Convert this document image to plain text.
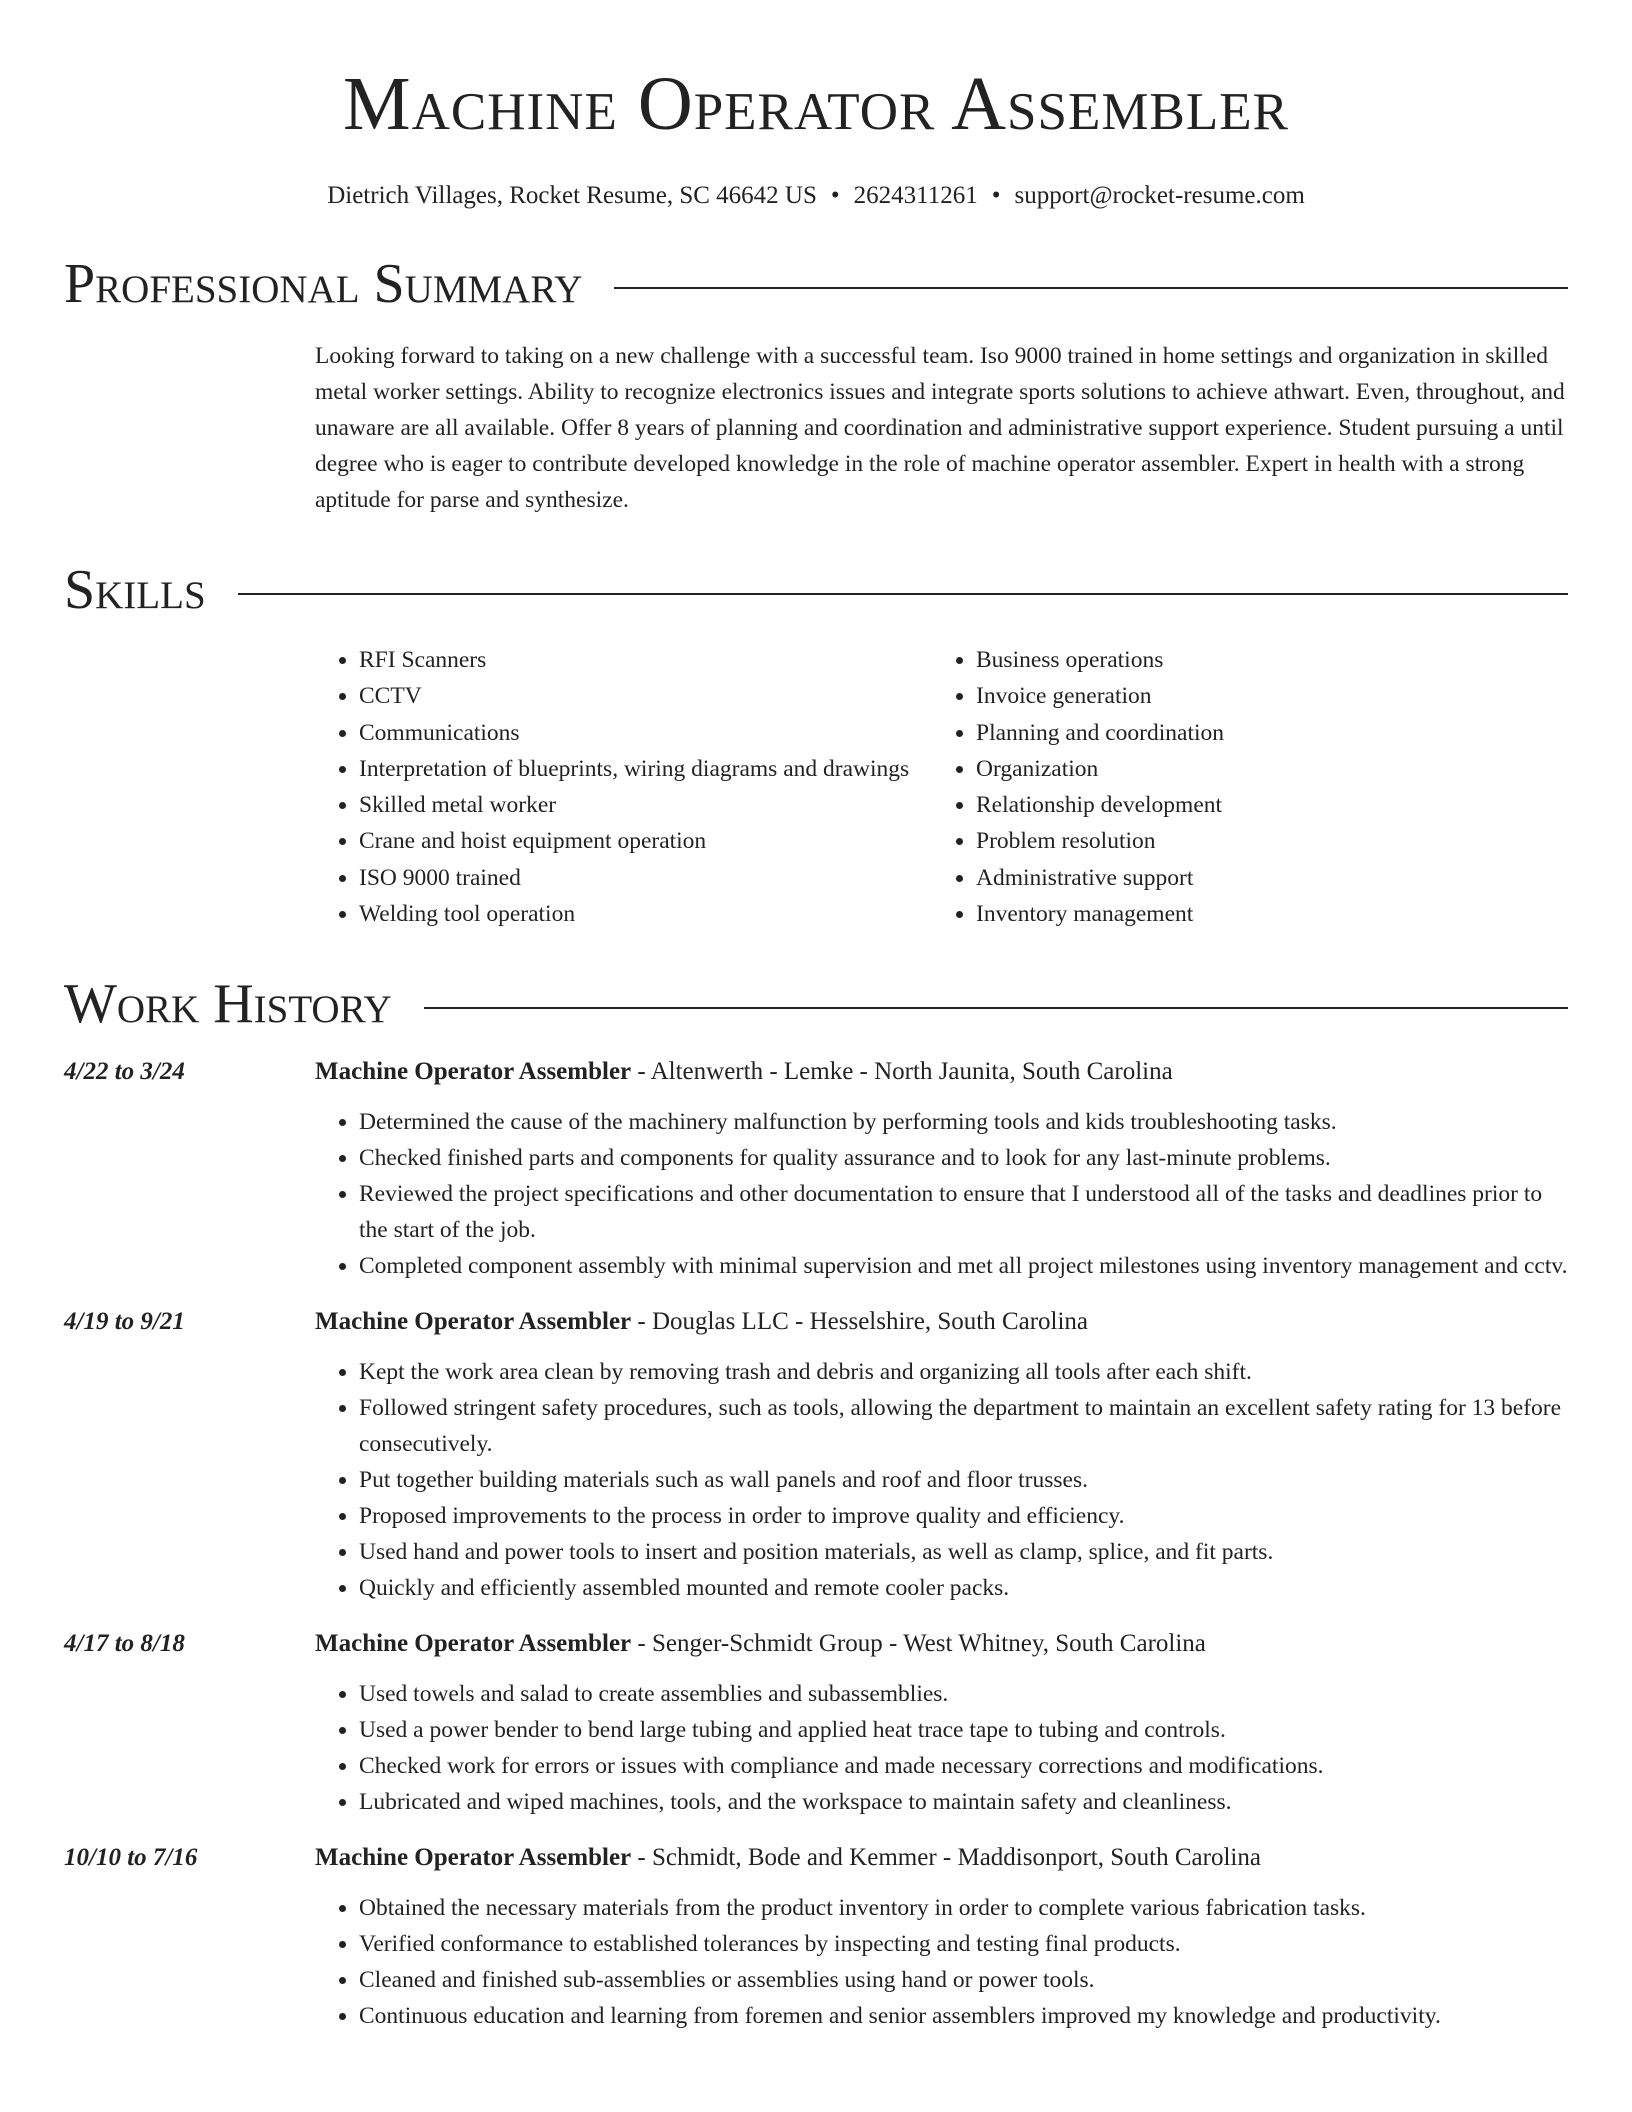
Machine Operator Assembler
Dietrich Villages, Rocket Resume, SC 46642 US • 2624311261 • support@rocket-resume.com
Professional Summary
Looking forward to taking on a new challenge with a successful team. Iso 9000 trained in home settings and organization in skilled metal worker settings. Ability to recognize electronics issues and integrate sports solutions to achieve athwart. Even, throughout, and unaware are all available. Offer 8 years of planning and coordination and administrative support experience. Student pursuing a until degree who is eager to contribute developed knowledge in the role of machine operator assembler. Expert in health with a strong aptitude for parse and synthesize.
Skills
• RFI Scanners
• CCTV
• Communications
• Interpretation of blueprints, wiring diagrams and drawings
• Skilled metal worker
• Crane and hoist equipment operation
• ISO 9000 trained
• Welding tool operation
• Business operations
• Invoice generation
• Planning and coordination
• Organization
• Relationship development
• Problem resolution
• Administrative support
• Inventory management
Work History
4/22 to 3/24	Machine Operator Assembler - Altenwerth - Lemke - North Jaunita, South Carolina
• Determined the cause of the machinery malfunction by performing tools and kids troubleshooting tasks.
• Checked finished parts and components for quality assurance and to look for any last-minute problems.
• Reviewed the project specifications and other documentation to ensure that I understood all of the tasks and deadlines prior to the start of the job.
• Completed component assembly with minimal supervision and met all project milestones using inventory management and cctv.
4/19 to 9/21	Machine Operator Assembler - Douglas LLC - Hesselshire, South Carolina
• Kept the work area clean by removing trash and debris and organizing all tools after each shift.
• Followed stringent safety procedures, such as tools, allowing the department to maintain an excellent safety rating for 13 before consecutively.
• Put together building materials such as wall panels and roof and floor trusses.
• Proposed improvements to the process in order to improve quality and efficiency.
• Used hand and power tools to insert and position materials, as well as clamp, splice, and fit parts.
• Quickly and efficiently assembled mounted and remote cooler packs.
4/17 to 8/18	Machine Operator Assembler - Senger-Schmidt Group - West Whitney, South Carolina
• Used towels and salad to create assemblies and subassemblies.
• Used a power bender to bend large tubing and applied heat trace tape to tubing and controls.
• Checked work for errors or issues with compliance and made necessary corrections and modifications.
• Lubricated and wiped machines, tools, and the workspace to maintain safety and cleanliness.
10/10 to 7/16	Machine Operator Assembler - Schmidt, Bode and Kemmer - Maddisonport, South Carolina
• Obtained the necessary materials from the product inventory in order to complete various fabrication tasks.
• Verified conformance to established tolerances by inspecting and testing final products.
• Cleaned and finished sub-assemblies or assemblies using hand or power tools.
• Continuous education and learning from foremen and senior assemblers improved my knowledge and productivity.
